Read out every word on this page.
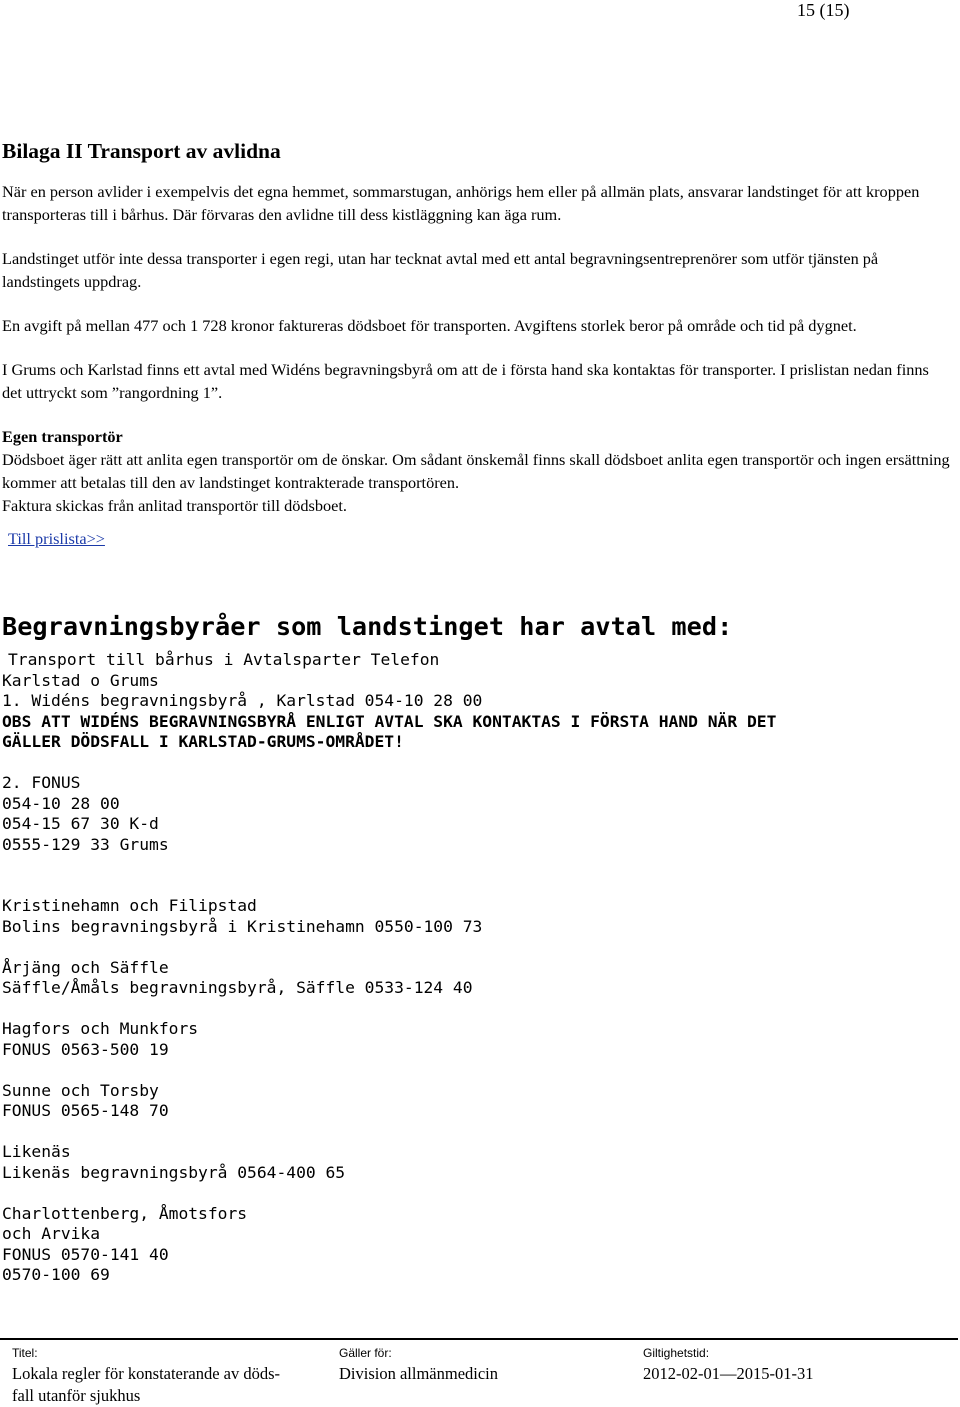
15 (15)
Bilaga II Transport av avlidna

När en person avlider i exempelvis det egna hemmet, sommarstugan, anhörigs hem eller på allmän plats, ansvarar landstinget för att kroppen transporteras till i bårhus. Där förvaras den avlidne till dess kistläggning kan äga rum.

Landstinget utför inte dessa transporter i egen regi, utan har tecknat avtal med ett antal begravningsentreprenörer som utför tjänsten på landstingets uppdrag.

En avgift på mellan 477 och 1 728 kronor faktureras dödsboet för transporten. Avgiftens storlek beror på område och tid på dygnet.

I Grums och Karlstad finns ett avtal med Widéns begravningsbyrå om att de i första hand ska kontaktas för transporter. I prislistan nedan finns det uttryckt som ”rangordning 1”.

Egen transportör

Dödsboet äger rätt att anlita egen transportör om de önskar. Om sådant önskemål finns skall dödsboet anlita egen transportör och ingen ersättning kommer att betalas till den av landstinget kontrakterade transportören.

Faktura skickas från anlitad transportör till dödsboet.

Till prislista>>
Begravningsbyråer som landstinget har avtal med:
Transport till bårhus i Avtalsparter Telefon
Karlstad o Grums
1. Widéns begravningsbyrå , Karlstad 054-10 28 00
OBS ATT WIDÉNS BEGRAVNINGSBYRÅ ENLIGT AVTAL SKA KONTAKTAS I FÖRSTA HAND NÄR DET
GÄLLER DÖDSFALL I KARLSTAD-GRUMS-OMRÅDET!
2. FONUS
054-10 28 00
054-15 67 30 K-d
0555-129 33 Grums
Kristinehamn och Filipstad
Bolins begravningsbyrå i Kristinehamn 0550-100 73
Årjäng och Säffle
Säffle/Åmåls begravningsbyrå, Säffle 0533-124 40
Hagfors och Munkfors
FONUS 0563-500 19
Sunne och Torsby
FONUS 0565-148 70
Likenäs
Likenäs begravningsbyrå 0564-400 65
Charlottenberg, Åmotsfors
och Arvika
FONUS 0570-141 40
0570-100 69
Titel:
Lokala regler för konstaterande av döds-
fall utanför sjukhus
Gäller för:
Division allmänmedicin
Giltighetstid:
2012-02-01—2015-01-31
